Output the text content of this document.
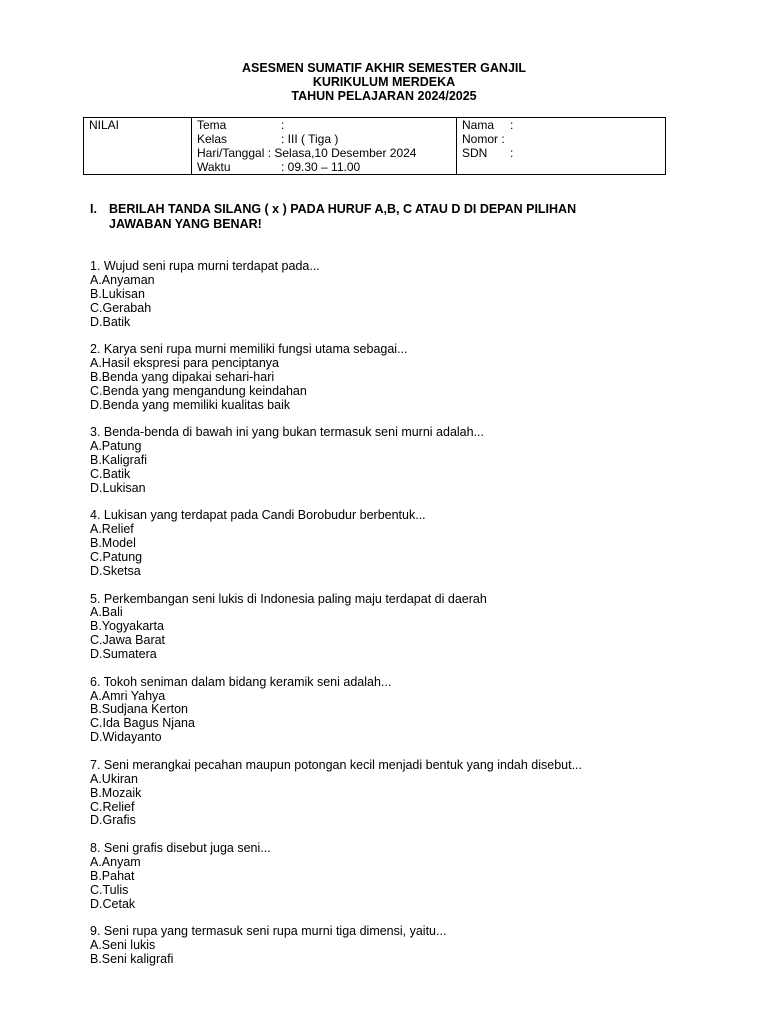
ASESMEN SUMATIF AKHIR SEMESTER GANJIL
KURIKULUM MERDEKA
TAHUN PELAJARAN 2024/2025
NILAI	Tema	:
Kelas	: III ( Tiga )
Hari/Tanggal : Selasa,10 Desember 2024
Waktu	: 09.30 – 11.00

Nama :
Nomor :
SDN :
I. BERILAH TANDA SILANG ( x ) PADA HURUF A,B, C ATAU D DI DEPAN PILIHAN
JAWABAN YANG BENAR!
1. Wujud seni rupa murni terdapat pada...
A.Anyaman
B.Lukisan
C.Gerabah
D.Batik
2. Karya seni rupa murni memiliki fungsi utama sebagai...
A.Hasil ekspresi para penciptanya
B.Benda yang dipakai sehari-hari
C.Benda yang mengandung keindahan
D.Benda yang memiliki kualitas baik
3. Benda-benda di bawah ini yang bukan termasuk seni murni adalah...
A.Patung
B.Kaligrafi
C.Batik
D.Lukisan
4. Lukisan yang terdapat pada Candi Borobudur berbentuk...
A.Relief
B.Model
C.Patung
D.Sketsa
5. Perkembangan seni lukis di Indonesia paling maju terdapat di daerah
A.Bali
B.Yogyakarta
C.Jawa Barat
D.Sumatera
6. Tokoh seniman dalam bidang keramik seni adalah...
A.Amri Yahya
B.Sudjana Kerton
C.Ida Bagus Njana
D.Widayanto
7. Seni merangkai pecahan maupun potongan kecil menjadi bentuk yang indah disebut...
A.Ukiran
B.Mozaik
C.Relief
D.Grafis
8. Seni grafis disebut juga seni...
A.Anyam
B.Pahat
C.Tulis
D.Cetak
9. Seni rupa yang termasuk seni rupa murni tiga dimensi, yaitu...
A.Seni lukis
B.Seni kaligrafi
